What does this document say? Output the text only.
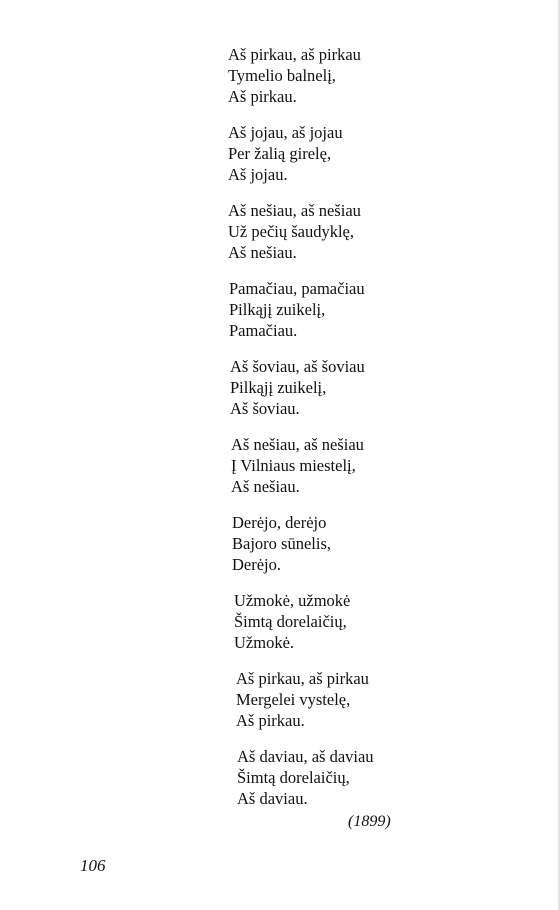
Aš pirkau, aš pirkau
Tymelio balnelį,
Aš pirkau.
Aš jojau, aš jojau
Per žalią girelę,
Aš jojau.
Aš nešiau, aš nešiau
Už pečių šaudyklę,
Aš nešiau.
Pamačiau, pamačiau
Pilkąjį zuikelį,
Pamačiau.
Aš šoviau, aš šoviau
Pilkąjį zuikelį,
Aš šoviau.
Aš nešiau, aš nešiau
Į Vilniaus miestelį,
Aš nešiau.
Derėjo, derėjo
Bajoro sūnelis,
Derėjo.
Užmokė, užmokė
Šimtą dorelaičių,
Užmokė.
Aš pirkau, aš pirkau
Mergelei vystelę,
Aš pirkau.
Aš daviau, aš daviau
Šimtą dorelaičių,
Aš daviau.
(1899)
106
